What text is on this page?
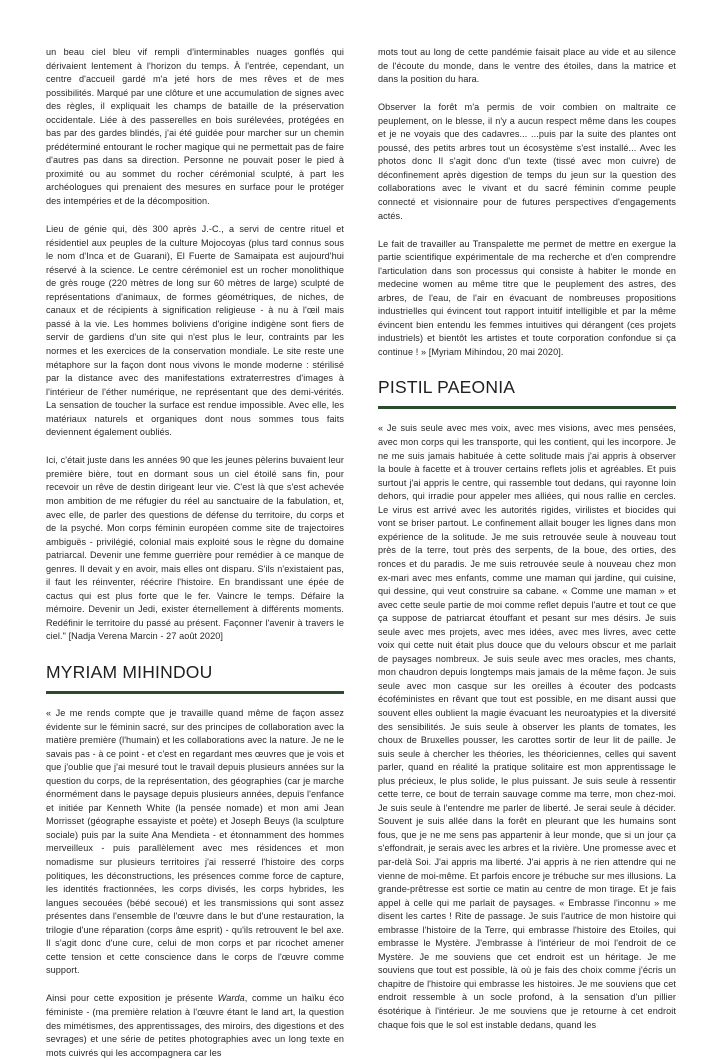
un beau ciel bleu vif rempli d'interminables nuages gonflés qui dérivaient lentement à l'horizon du temps. À l'entrée, cependant, un centre d'accueil gardé m'a jeté hors de mes rêves et de mes possibilités. Marqué par une clôture et une accumulation de signes avec des règles, il expliquait les champs de bataille de la préservation occidentale. Liée à des passerelles en bois surélevées, protégées en bas par des gardes blindés, j'ai été guidée pour marcher sur un chemin prédéterminé entourant le rocher magique qui ne permettait pas de faire d'autres pas dans sa direction. Personne ne pouvait poser le pied à proximité ou au sommet du rocher cérémonial sculpté, à part les archéologues qui prenaient des mesures en surface pour le protéger des intempéries et de la décomposition.

Lieu de génie qui, dès 300 après J.-C., a servi de centre rituel et résidentiel aux peuples de la culture Mojocoyas (plus tard connus sous le nom d'Inca et de Guarani), El Fuerte de Samaipata est aujourd'hui réservé à la science. Le centre cérémoniel est un rocher monolithique de grès rouge (220 mètres de long sur 60 mètres de large) sculpté de représentations d'animaux, de formes géométriques, de niches, de canaux et de récipients à signification religieuse - à nu à l'œil mais passé à la vie. Les hommes boliviens d'origine indigène sont fiers de servir de gardiens d'un site qui n'est plus le leur, contraints par les normes et les exercices de la conservation mondiale. Le site reste une métaphore sur la façon dont nous vivons le monde moderne : stérilisé par la distance avec des manifestations extraterrestres d'images à l'intérieur de l'éther numérique, ne représentant que des demi-vérités. La sensation de toucher la surface est rendue impossible. Avec elle, les matériaux naturels et organiques dont nous sommes tous faits deviennent également oubliés.

Ici, c'était juste dans les années 90 que les jeunes pèlerins buvaient leur première bière, tout en dormant sous un ciel étoilé sans fin, pour recevoir un rêve de destin dirigeant leur vie. C'est là que s'est achevée mon ambition de me réfugier du réel au sanctuaire de la fabulation, et, avec elle, de parler des questions de défense du territoire, du corps et de la psyché. Mon corps féminin européen comme site de trajectoires ambiguës - privilégié, colonial mais exploité sous le règne du domaine patriarcal. Devenir une femme guerrière pour remédier à ce manque de genres. Il devait y en avoir, mais elles ont disparu. S'ils n'existaient pas, il faut les réinventer, réécrire l'histoire. En brandissant une épée de cactus qui est plus forte que le fer. Vaincre le temps. Défaire la mémoire. Devenir un Jedi, exister éternellement à différents moments. Redéfinir le territoire du passé au présent. Façonner l'avenir à travers le ciel." [Nadja Verena Marcin - 27 août 2020]

MYRIAM MIHINDOU

« Je me rends compte que je travaille quand même de façon assez évidente sur le féminin sacré, sur des principes de collaboration avec la matière première (l'humain) et les collaborations avec la nature. Je ne le savais pas - à ce point - et c'est en regardant mes œuvres que je vois et que j'oublie que j'ai mesuré tout le travail depuis plusieurs années sur la question du corps, de la représentation, des géographies (car je marche énormément dans le paysage depuis plusieurs années, depuis l'enfance et initiée par Kenneth White (la pensée nomade) et mon ami Jean Morrisset (géographe essayiste et poète) et Joseph Beuys (la sculpture sociale) puis par la suite Ana Mendieta - et étonnamment des hommes merveilleux - puis parallèlement avec mes résidences et mon nomadisme sur plusieurs territoires j'ai resserré l'histoire des corps politiques, les déconstructions, les présences comme force de capture, les identités fractionnées, les corps divisés, les corps hybrides, les langues secouées (bébé secoué) et les transmissions qui sont assez présentes dans l'ensemble de l'œuvre dans le but d'une restauration, la trilogie d'une réparation (corps âme esprit) - qu'ils retrouvent le bel axe. Il s'agit donc d'une cure, celui de mon corps et par ricochet amener cette tension et cette conscience dans le corps de l'œuvre comme support.

Ainsi pour cette exposition je présente Warda, comme un haïku éco féministe - (ma première relation à l'œuvre étant le land art, la question des mimétismes, des apprentissages, des miroirs, des digestions et des sevrages) et une série de petites photographies avec un long texte en mots cuivrés qui les accompagnera car les

mots tout au long de cette pandémie faisait place au vide et au silence de l'écoute du monde, dans le ventre des étoiles, dans la matrice et dans la position du hara.

Observer la forêt m'a permis de voir combien on maltraite ce peuplement, on le blesse, il n'y a aucun respect même dans les coupes et je ne voyais que des cadavres... ...puis par la suite des plantes ont poussé, des petits arbres tout un écosystème s'est installé... Avec les photos donc Il s'agit donc d'un texte (tissé avec mon cuivre) de déconfinement après digestion de temps du jeun sur la question des collaborations avec le vivant et du sacré féminin comme peuple connecté et visionnaire pour de futures perspectives d'engagements actés.

Le fait de travailler au Transpalette me permet de mettre en exergue la partie scientifique expérimentale de ma recherche et d'en comprendre l'articulation dans son processus qui consiste à habiter le monde en medecine women au même titre que le peuplement des astres, des arbres, de l'eau, de l'air en évacuant de nombreuses propositions industrielles qui évincent tout rapport intuitif intelligible et par la même évincent bien entendu les femmes intuitives qui dérangent (ces projets industriels) et bientôt les artistes et toute corporation confondue si ça continue ! » [Myriam Mihindou, 20 mai 2020].

PISTIL PAEONIA

« Je suis seule avec mes voix, avec mes visions, avec mes pensées, avec mon corps qui les transporte, qui les contient, qui les incorpore. Je ne me suis jamais habituée à cette solitude mais j'ai appris à observer la boule à facette et à trouver certains reflets jolis et agréables. Et puis surtout j'ai appris le centre, qui rassemble tout dedans, qui rayonne loin dehors, qui irradie pour appeler mes alliées, qui nous rallie en cercles. Le virus est arrivé avec les autorités rigides, virilistes et biocides qui vont se briser partout. Le confinement allait bouger les lignes dans mon expérience de la solitude. Je me suis retrouvée seule à nouveau tout près de la terre, tout près des serpents, de la boue, des orties, des ronces et du paradis. Je me suis retrouvée seule à nouveau chez mon ex-mari avec mes enfants, comme une maman qui jardine, qui cuisine, qui dessine, qui veut construire sa cabane. « Comme une maman » et avec cette seule partie de moi comme reflet depuis l'autre et tout ce que ça suppose de patriarcat étouffant et pesant sur mes désirs. Je suis seule avec mes projets, avec mes idées, avec mes livres, avec cette voix qui cette nuit était plus douce que du velours obscur et me parlait de paysages nombreux. Je suis seule avec mes oracles, mes chants, mon chaudron depuis longtemps mais jamais de la même façon. Je suis seule avec mon casque sur les oreilles à écouter des podcasts écoféministes en rêvant que tout est possible, en me disant aussi que souvent elles oublient la magie évacuant les neuroatypies et la diversité des sensibilités. Je suis seule à observer les plants de tomates, les choux de Bruxelles pousser, les carottes sortir de leur lit de paille. Je suis seule à chercher les théories, les théoriciennes, celles qui savent parler, quand en réalité la pratique solitaire est mon apprentissage le plus précieux, le plus solide, le plus puissant. Je suis seule à ressentir cette terre, ce bout de terrain sauvage comme ma terre, mon chez-moi. Je suis seule à l'entendre me parler de liberté. Je serai seule à décider. Souvent je suis allée dans la forêt en pleurant que les humains sont fous, que je ne me sens pas appartenir à leur monde, que si un jour ça s'effondrait, je serais avec les arbres et la rivière. Une promesse avec et par-delà Soi. J'ai appris ma liberté. J'ai appris à ne rien attendre qui ne vienne de moi-même. Et parfois encore je trébuche sur mes illusions. La grande-prêtresse est sortie ce matin au centre de mon tirage. Et je fais appel à celle qui me parlait de paysages. « Embrasse l'inconnu » me disent les cartes ! Rite de passage. Je suis l'autrice de mon histoire qui embrasse l'histoire de la Terre, qui embrasse l'histoire des Etoiles, qui embrasse le Mystère. J'embrasse à l'intérieur de moi l'endroit de ce Mystère. Je me souviens que cet endroit est un héritage. Je me souviens que tout est possible, là où je fais des choix comme j'écris un chapitre de l'histoire qui embrasse les histoires. Je me souviens que cet endroit ressemble à un socle profond, à la sensation d'un pillier ésotérique à l'intérieur. Je me souviens que je retourne à cet endroit chaque fois que le sol est instable dedans, quand les
